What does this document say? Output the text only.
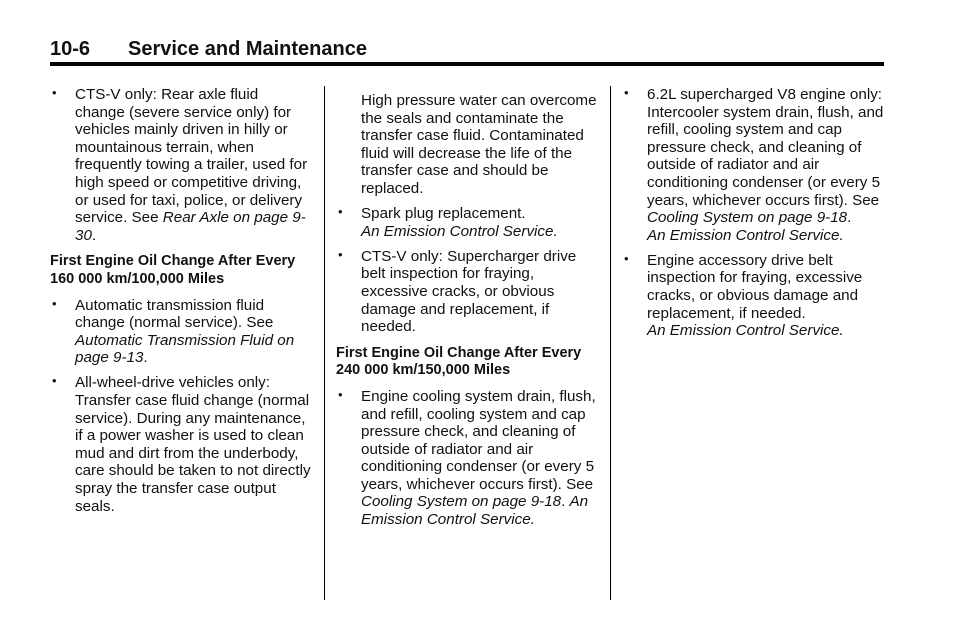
10-6 Service and Maintenance
• CTS-V only: Rear axle fluid change (severe service only) for vehicles mainly driven in hilly or mountainous terrain, when frequently towing a trailer, used for high speed or competitive driving, or used for taxi, police, or delivery service. See Rear Axle on page 9-30.
First Engine Oil Change After Every 160 000 km/100,000 Miles
• Automatic transmission fluid change (normal service). See Automatic Transmission Fluid on page 9-13.
• All-wheel-drive vehicles only: Transfer case fluid change (normal service). During any maintenance, if a power washer is used to clean mud and dirt from the underbody, care should be taken to not directly spray the transfer case output seals.
High pressure water can overcome the seals and contaminate the transfer case fluid. Contaminated fluid will decrease the life of the transfer case and should be replaced.
• Spark plug replacement.
An Emission Control Service.
• CTS-V only: Supercharger drive belt inspection for fraying, excessive cracks, or obvious damage and replacement, if needed.
First Engine Oil Change After Every 240 000 km/150,000 Miles
• Engine cooling system drain, flush, and refill, cooling system and cap pressure check, and cleaning of outside of radiator and air conditioning condenser (or every 5 years, whichever occurs first). See Cooling System on page 9-18. An Emission Control Service.
• 6.2L supercharged V8 engine only: Intercooler system drain, flush, and refill, cooling system and cap pressure check, and cleaning of outside of radiator and air conditioning condenser (or every 5 years, whichever occurs first). See Cooling System on page 9-18.
An Emission Control Service.
• Engine accessory drive belt inspection for fraying, excessive cracks, or obvious damage and replacement, if needed.
An Emission Control Service.
